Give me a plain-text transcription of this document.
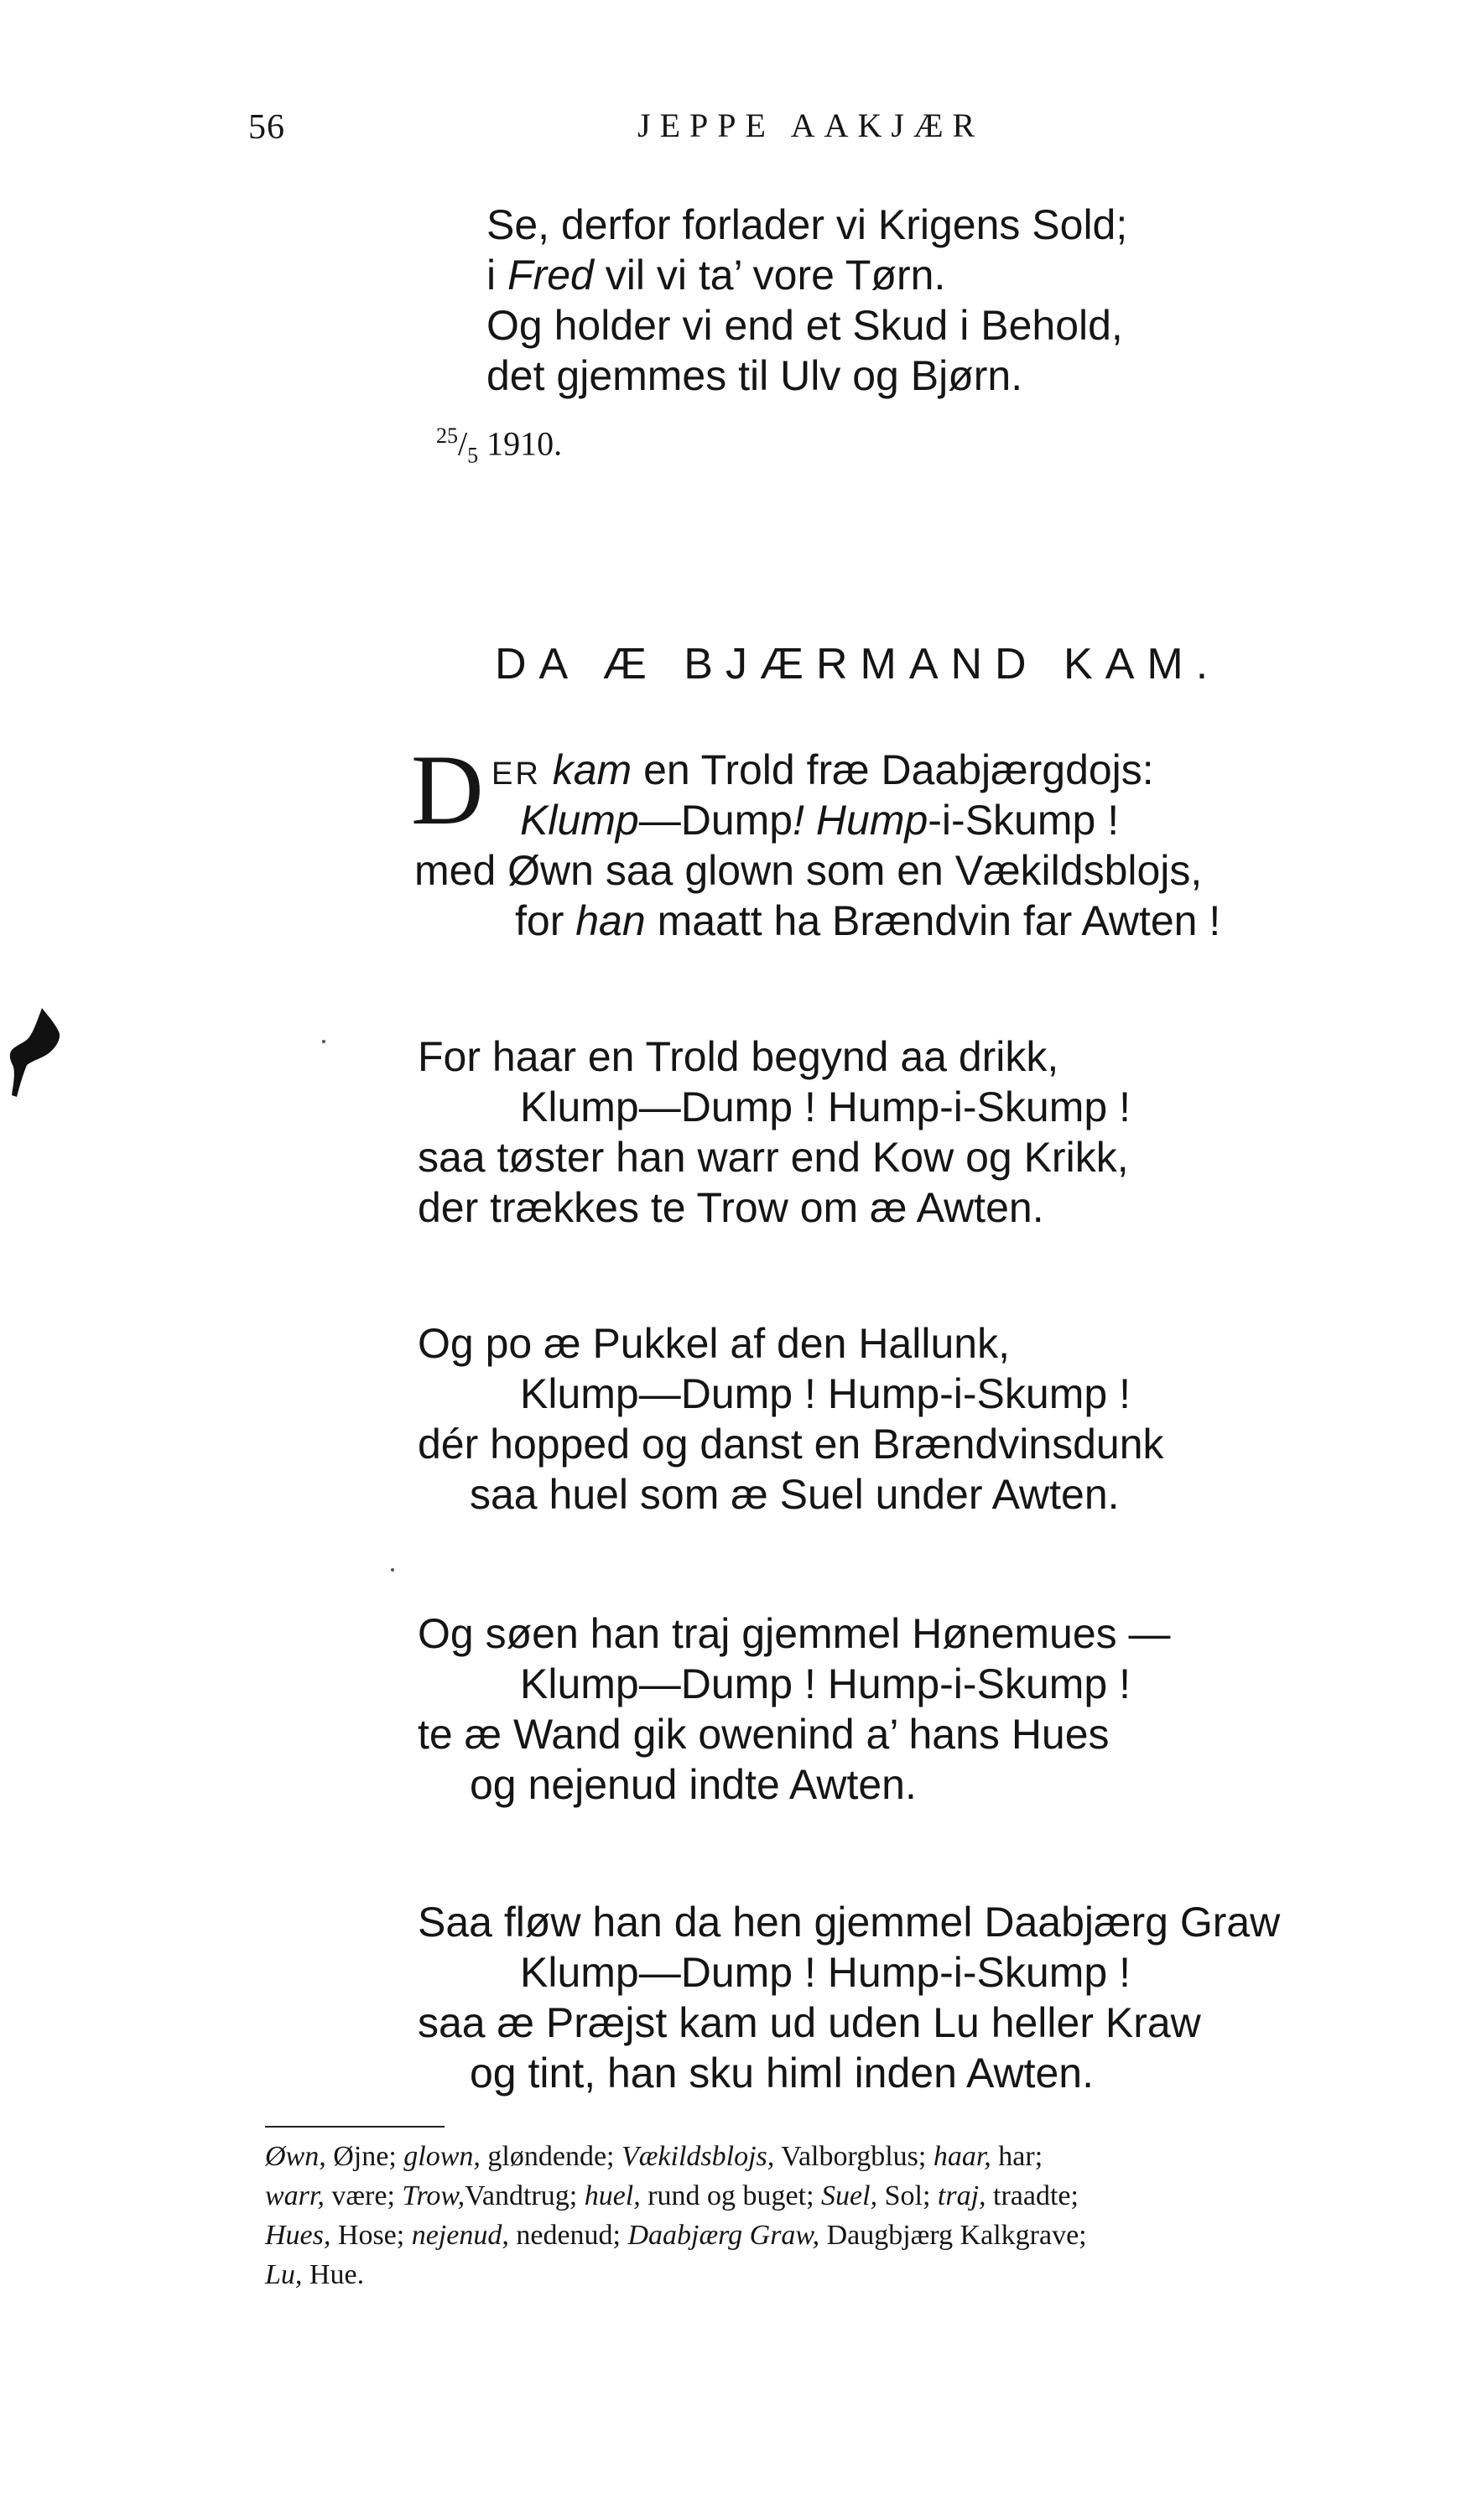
56	JEPPE AAKJÆR
Se, derfor forlader vi Krigens Sold;
i Fred vil vi ta’ vore Tørn.
Og holder vi end et Skud i Behold,
det gjemmes til Ulv og Bjørn.
$^{25}/_5$ 1910.
DA Æ BJÆRMAND KAM.
D ER kam en Trold fræ Daabjærgdojs:
Klump—Dump! Hump-i-Skump !
med Øwn saa glown som en Vækildsblojs,
for han maatt ha Brændvin far Awten !
For haar en Trold begynd aa drikk,
Klump—Dump ! Hump-i-Skump !
saa tøster han warr end Kow og Krikk,
der trækkes te Trow om æ Awten.
Og po æ Pukkel af den Hallunk,
Klump—Dump ! Hump-i-Skump !
dér hopped og danst en Brændvinsdunk
saa huel som æ Suel under Awten.
Og søen han traj gjemmel Hønemues —
Klump—Dump ! Hump-i-Skump !
te æ Wand gik owenind a’ hans Hues
og nejenud indte Awten.
Saa fløw han da hen gjemmel Daabjærg Graw
Klump—Dump ! Hump-i-Skump !
saa æ Præjst kam ud uden Lu heller Kraw
og tint, han sku himl inden Awten.
Øwn, Øjne; glown, gløndende; Vækildsblojs, Valborgblus; haar, har;
warr, være; Trow,Vandtrug; huel, rund og buget; Suel, Sol; traj, traadte;
Hues, Hose; nejenud, nedenud; Daabjærg Graw, Daugbjærg Kalkgrave;
Lu, Hue.
